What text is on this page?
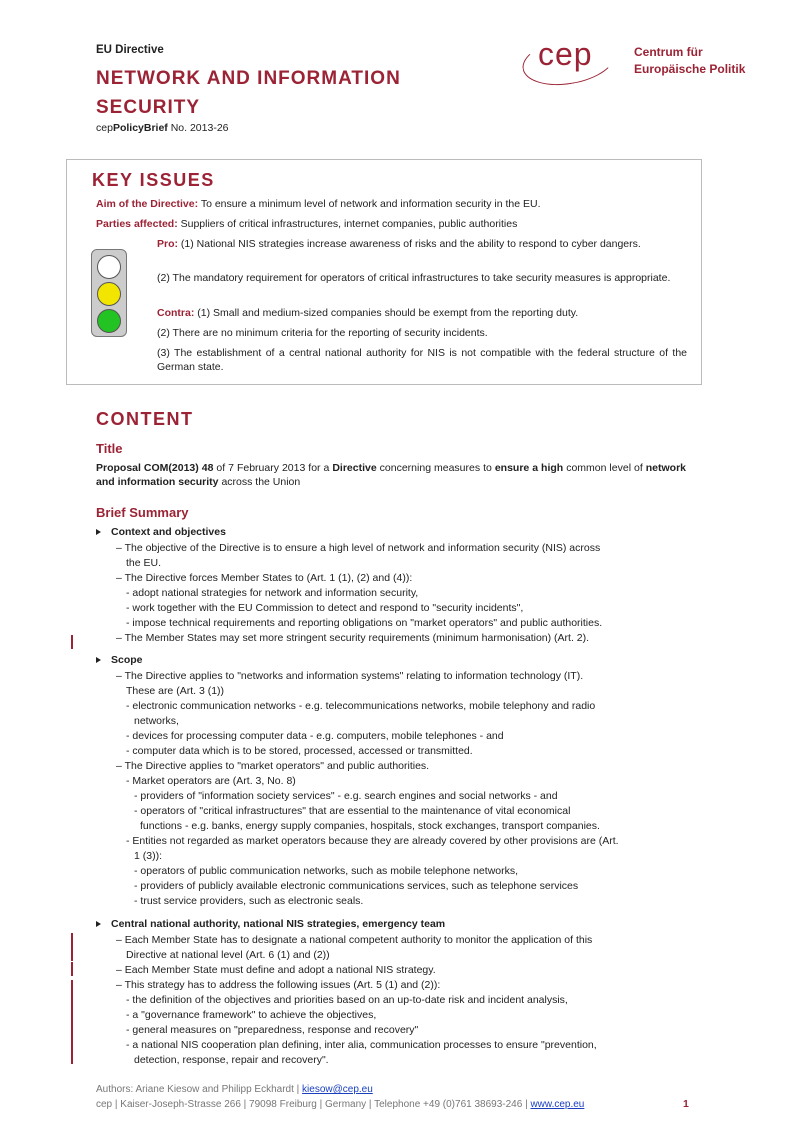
EU Directive
NETWORK AND INFORMATION
SECURITY
cepPolicyBrief No. 2013-26
cep	Centrum für
Europäische Politik
KEY ISSUES
Aim of the Directive: To ensure a minimum level of network and information security in the EU.
Parties affected: Suppliers of critical infrastructures, internet companies, public authorities
Pro: (1) National NIS strategies increase awareness of risks and the ability to respond to cyber dangers.
(2) The mandatory requirement for operators of critical infrastructures to take security measures is appropriate.
Contra: (1) Small and medium-sized companies should be exempt from the reporting duty.
(2) There are no minimum criteria for the reporting of security incidents.
(3) The establishment of a central national authority for NIS is not compatible with the federal structure of the German state.
CONTENT
Title
Proposal COM(2013) 48 of 7 February 2013 for a Directive concerning measures to ensure a high common level of network and information security across the Union
Brief Summary
Context and objectives
– The objective of the Directive is to ensure a high level of network and information security (NIS) across
the EU.
– The Directive forces Member States to (Art. 1 (1), (2) and (4)):
- adopt national strategies for network and information security,
- work together with the EU Commission to detect and respond to "security incidents",
- impose technical requirements and reporting obligations on "market operators" and public authorities.
– The Member States may set more stringent security requirements (minimum harmonisation) (Art. 2).
Scope
– The Directive applies to "networks and information systems" relating to information technology (IT).
These are (Art. 3 (1))
- electronic communication networks - e.g. telecommunications networks, mobile telephony and radio
networks,
- devices for processing computer data - e.g. computers, mobile telephones - and
- computer data which is to be stored, processed, accessed or transmitted.
– The Directive applies to "market operators" and public authorities.
- Market operators are (Art. 3, No. 8)
- providers of "information society services" - e.g. search engines and social networks - and
- operators of "critical infrastructures" that are essential to the maintenance of vital economical
functions - e.g. banks, energy supply companies, hospitals, stock exchanges, transport companies.
- Entities not regarded as market operators because they are already covered by other provisions are (Art.
1 (3)):
- operators of public communication networks, such as mobile telephone networks,
- providers of publicly available electronic communications services, such as telephone services
- trust service providers, such as electronic seals.
Central national authority, national NIS strategies, emergency team
– Each Member State has to designate a national competent authority to monitor the application of this
Directive at national level (Art. 6 (1) and (2))
– Each Member State must define and adopt a national NIS strategy.
– This strategy has to address the following issues (Art. 5 (1) and (2)):
- the definition of the objectives and priorities based on an up-to-date risk and incident analysis,
- a "governance framework" to achieve the objectives,
- general measures on "preparedness, response and recovery"
- a national NIS cooperation plan defining, inter alia, communication processes to ensure "prevention,
detection, response, repair and recovery".
Authors: Ariane Kiesow and Philipp Eckhardt | kiesow@cep.eu
cep | Kaiser-Joseph-Strasse 266 | 79098 Freiburg | Germany | Telephone +49 (0)761 38693-246 | www.cep.eu	1
